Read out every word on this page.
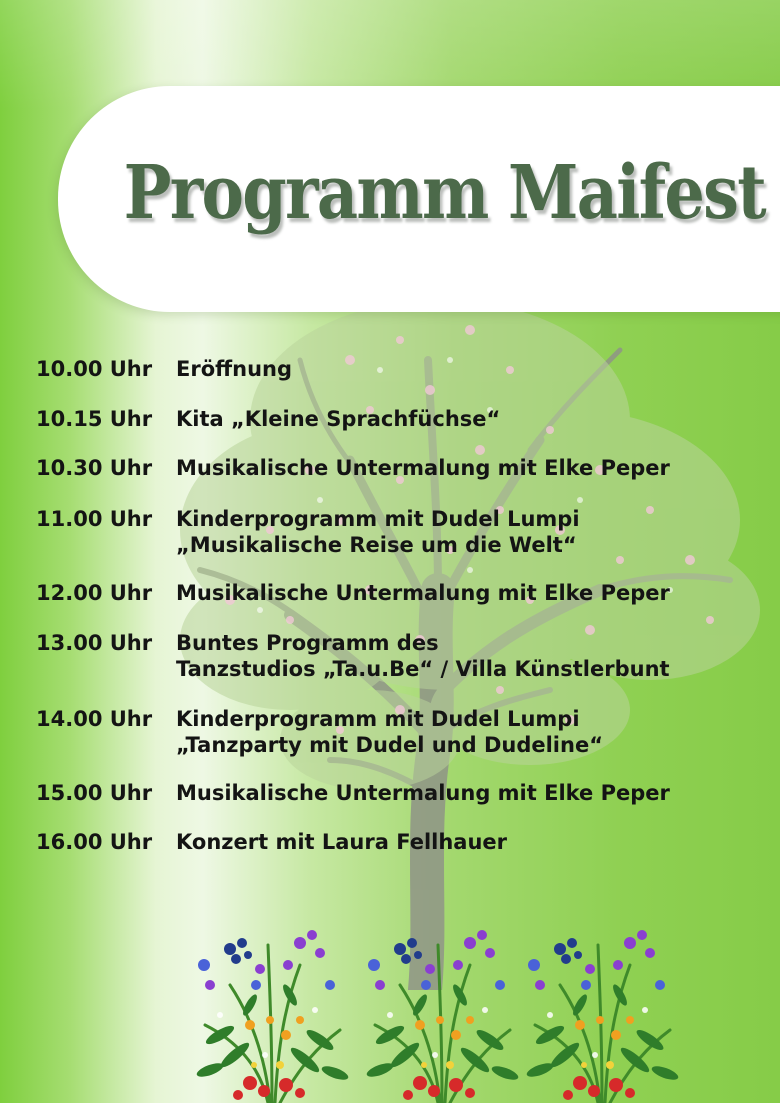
Programm Maifest
10.00 Uhr	Eröffnung
10.15 Uhr	Kita „Kleine Sprachfüchse“
10.30 Uhr	Musikalische Untermalung mit Elke Peper
11.00 Uhr	Kinderprogramm mit Dudel Lumpi
„Musikalische Reise um die Welt“
12.00 Uhr	Musikalische Untermalung mit Elke Peper
13.00 Uhr	Buntes Programm des
Tanzstudios „Ta.u.Be“ / Villa Künstlerbunt
14.00 Uhr	Kinderprogramm mit Dudel Lumpi
„Tanzparty mit Dudel und Dudeline“
15.00 Uhr	Musikalische Untermalung mit Elke Peper
16.00 Uhr	Konzert mit Laura Fellhauer
